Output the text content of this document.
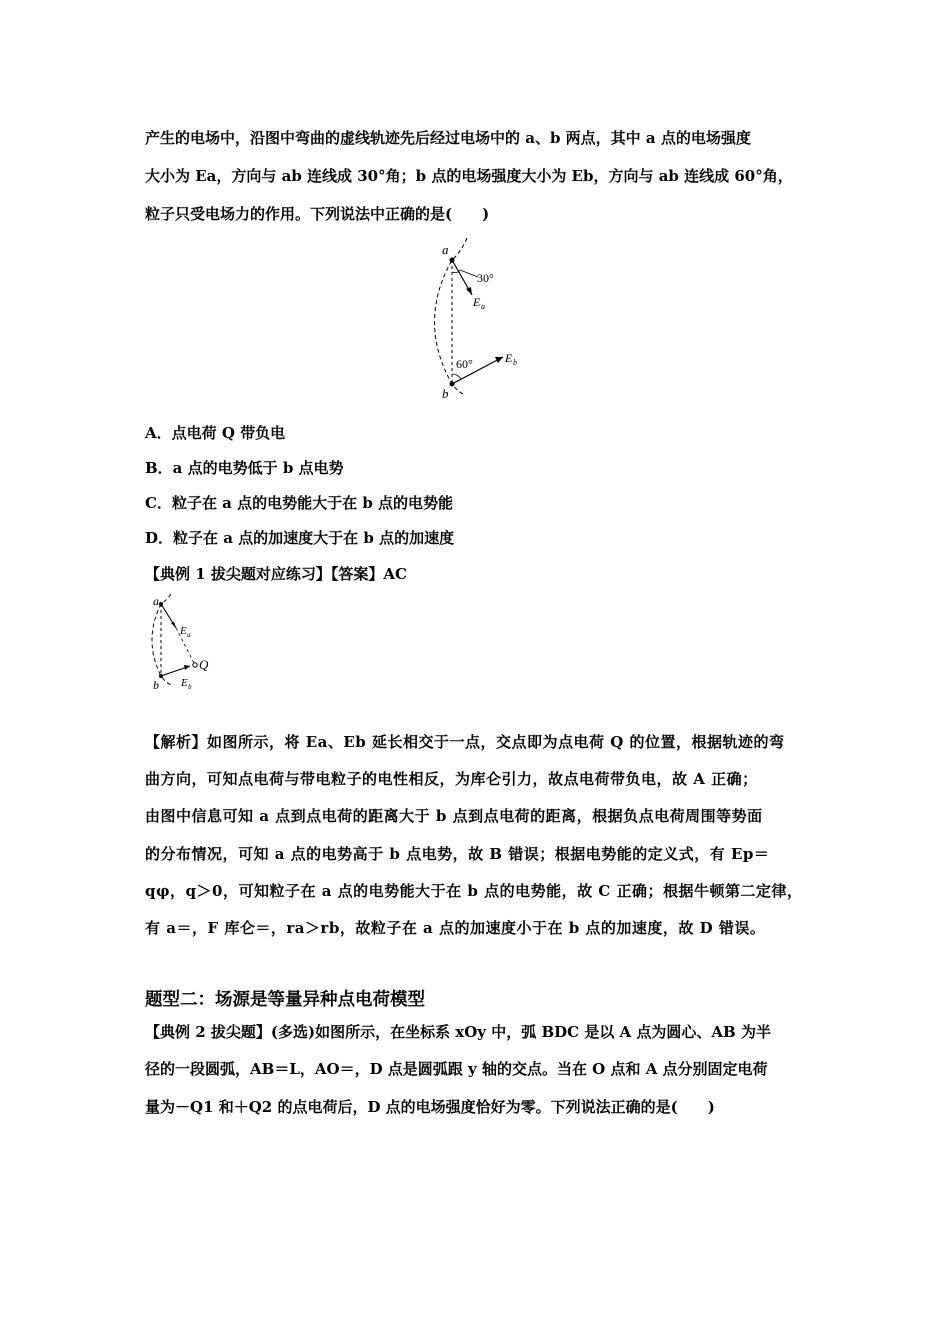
产生的电场中，沿图中弯曲的虚线轨迹先后经过电场中的 a、b 两点，其中 a 点的电场强度
大小为 Ea，方向与 ab 连线成 30°角；b 点的电场强度大小为 Eb，方向与 ab 连线成 60°角，
粒子只受电场力的作用。下列说法中正确的是(　　)
a
b
30°
60°
E a
E b
A．点电荷 Q 带负电
B．a 点的电势低于 b 点电势
C．粒子在 a 点的电势能大于在 b 点的电势能
D．粒子在 a 点的加速度大于在 b 点的加速度
【典例 1 拔尖题对应练习】【答案】AC
a
b
Q
E a
E b
【解析】如图所示，将 Ea、Eb 延长相交于一点，交点即为点电荷 Q 的位置，根据轨迹的弯
曲方向，可知点电荷与带电粒子的电性相反，为库仑引力，故点电荷带负电，故 A 正确；
由图中信息可知 a 点到点电荷的距离大于 b 点到点电荷的距离，根据负点电荷周围等势面
的分布情况，可知 a 点的电势高于 b 点电势，故 B 错误；根据电势能的定义式，有 Ep＝
qφ，q＞0，可知粒子在 a 点的电势能大于在 b 点的电势能，故 C 正确；根据牛顿第二定律，
有 a＝，F 库仑＝，ra＞rb，故粒子在 a 点的加速度小于在 b 点的加速度，故 D 错误。
题型二：场源是等量异种点电荷模型
【典例 2 拔尖题】(多选)如图所示，在坐标系 xOy 中，弧 BDC 是以 A 点为圆心、AB 为半
径的一段圆弧，AB＝L，AO＝，D 点是圆弧跟 y 轴的交点。当在 O 点和 A 点分别固定电荷
量为－Q1 和＋Q2 的点电荷后，D 点的电场强度恰好为零。下列说法正确的是(　　)
